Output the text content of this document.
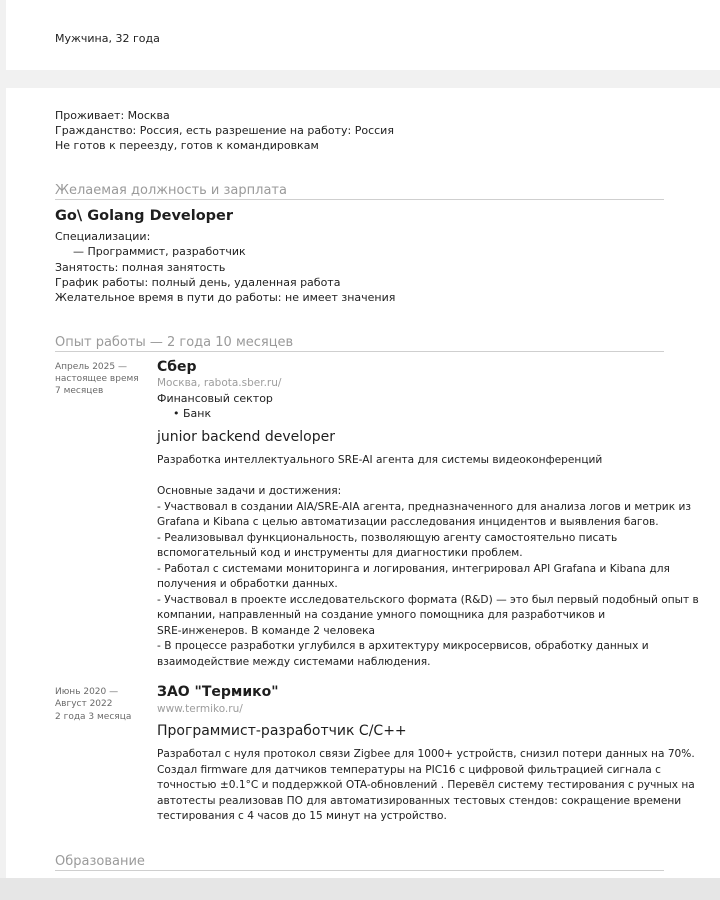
Мужчина, 32 года
Проживает: Москва
Гражданство: Россия, есть разрешение на работу: Россия
Не готов к переезду, готов к командировкам
Желаемая должность и зарплата
Go\ Golang Developer
Специализации:
— Программист, разработчик
Занятость: полная занятость
График работы: полный день, удаленная работа
Желательное время в пути до работы: не имеет значения
Опыт работы — 2 года 10 месяцев
Апрель 2025 —
настоящее время
7 месяцев
Сбер
Москва, rabota.sber.ru/
Финансовый сектор
• Банк
junior backend developer
Разработка интеллектуального SRE-AI агента для системы видеоконференций
Основные задачи и достижения:
- Участвовал в создании AIA/SRE-AIA агента, предназначенного для анализа логов и метрик из
Grafana и Kibana с целью автоматизации расследования инцидентов и выявления багов.
- Реализовывал функциональность, позволяющую агенту самостоятельно писать
вспомогательный код и инструменты для диагностики проблем.
- Работал с системами мониторинга и логирования, интегрировал API Grafana и Kibana для
получения и обработки данных.
- Участвовал в проекте исследовательского формата (R&D) — это был первый подобный опыт в
компании, направленный на создание умного помощника для разработчиков и
SRE-инженеров. В команде 2 человека
- В процессе разработки углубился в архитектуру микросервисов, обработку данных и
взаимодействие между системами наблюдения.
Июнь 2020 —
Август 2022
2 года 3 месяца
ЗАО "Термико"
www.termiko.ru/
Программист-разработчик C/C++
Разработал с нуля протокол связи Zigbee для 1000+ устройств, снизил потери данных на 70%.
Создал firmware для датчиков температуры на PIC16 с цифровой фильтрацией сигнала с
точностью ±0.1°C и поддержкой OTA-обновлений . Перевёл систему тестирования с ручных на
автотесты реализовав ПО для автоматизированных тестовых стендов: сокращение времени
тестирования с 4 часов до 15 минут на устройство.
Образование
